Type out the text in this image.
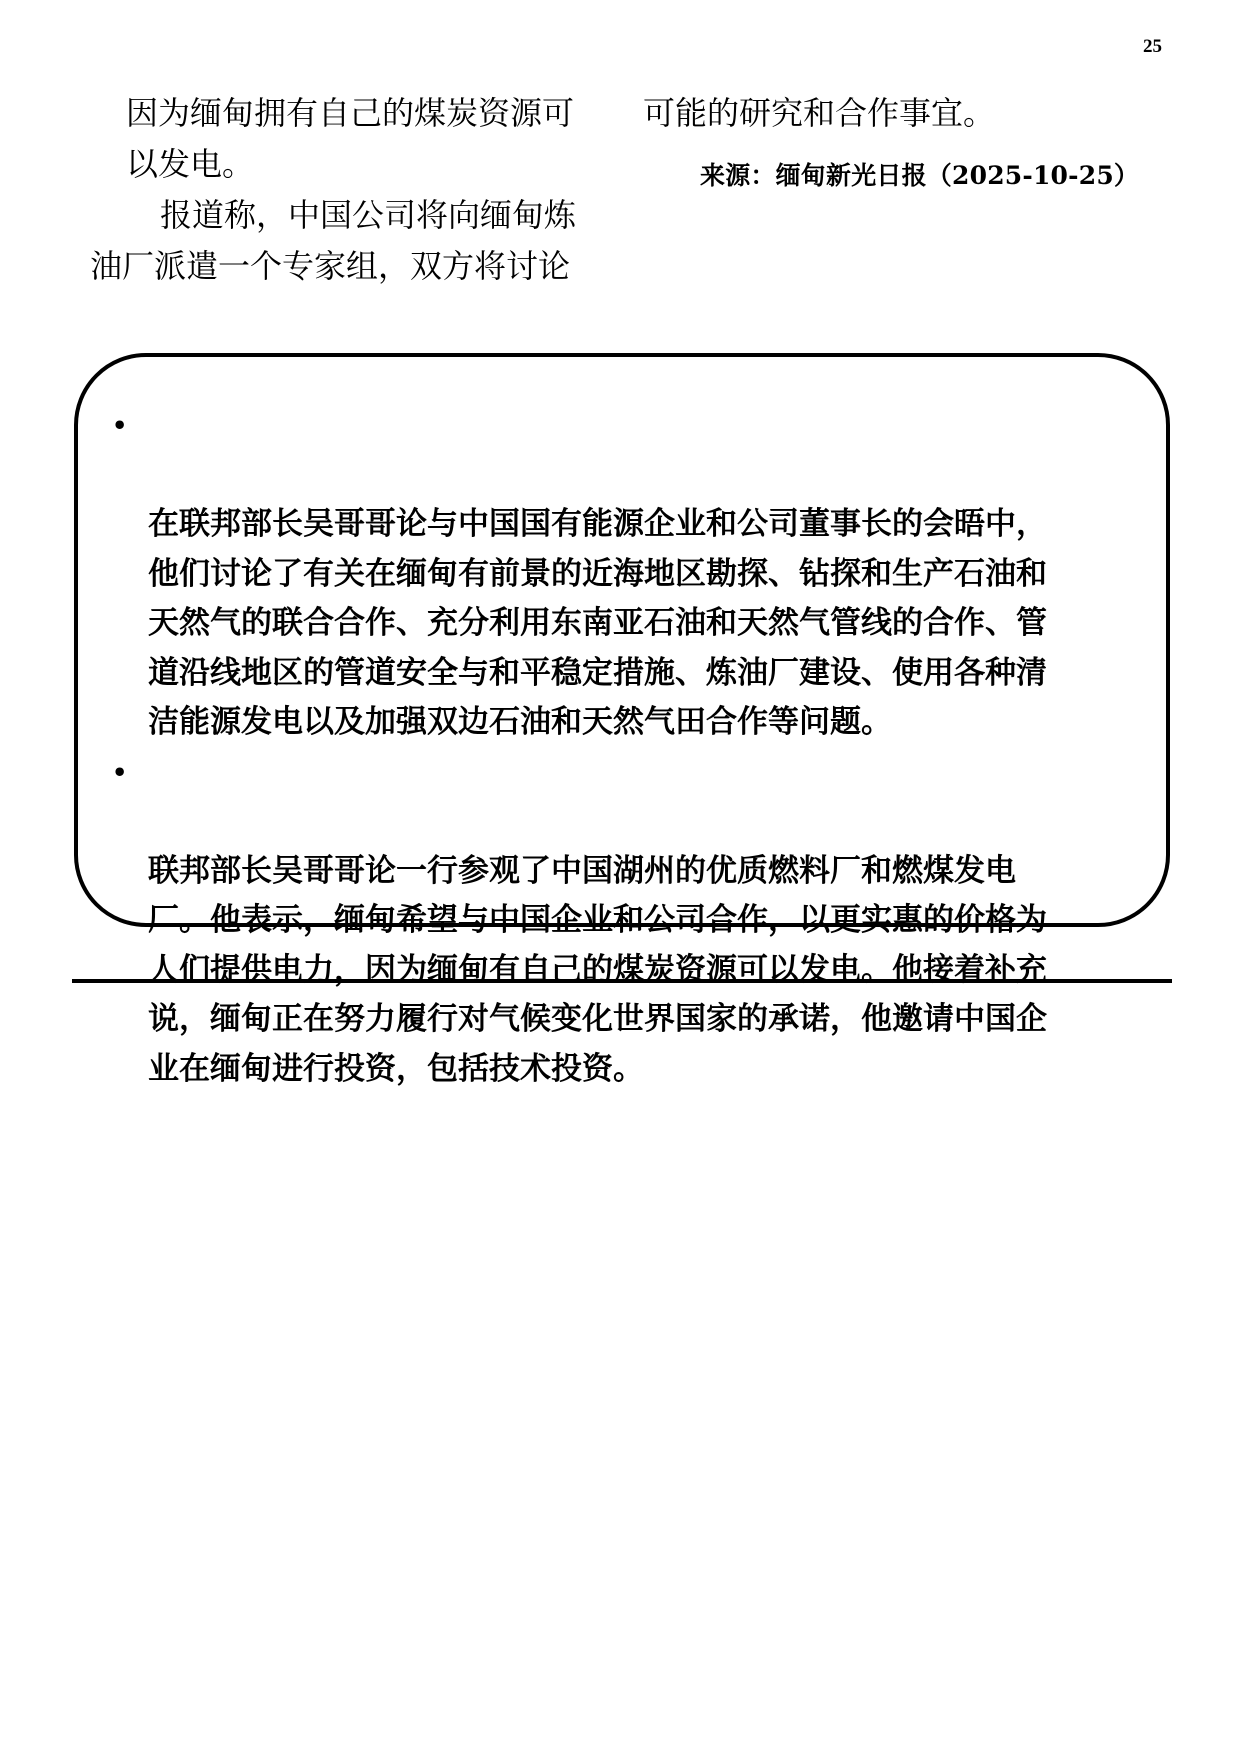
25

因为缅甸拥有自己的煤炭资源可

以发电。

　报道称，中国公司将向缅甸炼

油厂派遣一个专家组，双方将讨论

可能的研究和合作事宜。

来源：缅甸新光日报（2025-10-25）

•

在联邦部长吴哥哥论与中国国有能源企业和公司董事长的会晤中，
他们讨论了有关在缅甸有前景的近海地区勘探、钻探和生产石油和
天然气的联合合作、充分利用东南亚石油和天然气管线的合作、管
道沿线地区的管道安全与和平稳定措施、炼油厂建设、使用各种清
洁能源发电以及加强双边石油和天然气田合作等问题。

•

联邦部长吴哥哥论一行参观了中国湖州的优质燃料厂和燃煤发电
厂。他表示，缅甸希望与中国企业和公司合作，以更实惠的价格为
人们提供电力，因为缅甸有自己的煤炭资源可以发电。他接着补充
说，缅甸正在努力履行对气候变化世界国家的承诺，他邀请中国企
业在缅甸进行投资，包括技术投资。
